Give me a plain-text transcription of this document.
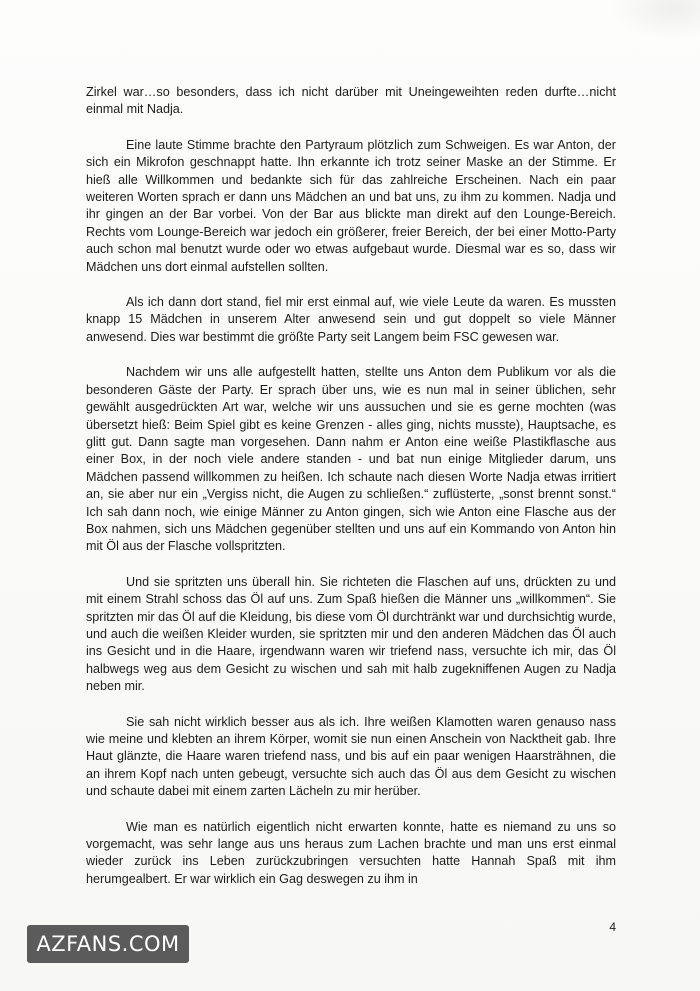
Zirkel war…so besonders, dass ich nicht darüber mit Uneingeweihten reden durfte…nicht einmal mit Nadja.

Eine laute Stimme brachte den Partyraum plötzlich zum Schweigen. Es war Anton, der sich ein Mikrofon geschnappt hatte. Ihn erkannte ich trotz seiner Maske an der Stimme. Er hieß alle Willkommen und bedankte sich für das zahlreiche Erscheinen. Nach ein paar weiteren Worten sprach er dann uns Mädchen an und bat uns, zu ihm zu kommen. Nadja und ihr gingen an der Bar vorbei. Von der Bar aus blickte man direkt auf den Lounge-Bereich. Rechts vom Lounge-Bereich war jedoch ein größerer, freier Bereich, der bei einer Motto-Party auch schon mal benutzt wurde oder wo etwas aufgebaut wurde. Diesmal war es so, dass wir Mädchen uns dort einmal aufstellen sollten.

Als ich dann dort stand, fiel mir erst einmal auf, wie viele Leute da waren. Es mussten knapp 15 Mädchen in unserem Alter anwesend sein und gut doppelt so viele Männer anwesend. Dies war bestimmt die größte Party seit Langem beim FSC gewesen war.

Nachdem wir uns alle aufgestellt hatten, stellte uns Anton dem Publikum vor als die besonderen Gäste der Party. Er sprach über uns, wie es nun mal in seiner üblichen, sehr gewählt ausgedrückten Art war, welche wir uns aussuchen und sie es gerne mochten (was übersetzt hieß: Beim Spiel gibt es keine Grenzen - alles ging, nichts musste), Hauptsache, es glitt gut. Dann sagte man vorgesehen. Dann nahm er Anton eine weiße Plastikflasche aus einer Box, in der noch viele andere standen - und bat nun einige Mitglieder darum, uns Mädchen passend willkommen zu heißen. Ich schaute nach diesen Worte Nadja etwas irritiert an, sie aber nur ein „Vergiss nicht, die Augen zu schließen.“ zuflüsterte, „sonst brennt sonst.“ Ich sah dann noch, wie einige Männer zu Anton gingen, sich wie Anton eine Flasche aus der Box nahmen, sich uns Mädchen gegenüber stellten und uns auf ein Kommando von Anton hin mit Öl aus der Flasche vollspritzten.

Und sie spritzten uns überall hin. Sie richteten die Flaschen auf uns, drückten zu und mit einem Strahl schoss das Öl auf uns. Zum Spaß hießen die Männer uns „willkommen“. Sie spritzten mir das Öl auf die Kleidung, bis diese vom Öl durchtränkt war und durchsichtig wurde, und auch die weißen Kleider wurden, sie spritzten mir und den anderen Mädchen das Öl auch ins Gesicht und in die Haare, irgendwann waren wir triefend nass, versuchte ich mir, das Öl halbwegs weg aus dem Gesicht zu wischen und sah mit halb zugekniffenen Augen zu Nadja neben mir.

Sie sah nicht wirklich besser aus als ich. Ihre weißen Klamotten waren genauso nass wie meine und klebten an ihrem Körper, womit sie nun einen Anschein von Nacktheit gab. Ihre Haut glänzte, die Haare waren triefend nass, und bis auf ein paar wenigen Haarsträhnen, die an ihrem Kopf nach unten gebeugt, versuchte sich auch das Öl aus dem Gesicht zu wischen und schaute dabei mit einem zarten Lächeln zu mir herüber.

Wie man es natürlich eigentlich nicht erwarten konnte, hatte es niemand zu uns so vorgemacht, was sehr lange aus uns heraus zum Lachen brachte und man uns erst einmal wieder zurück ins Leben zurückzubringen versuchten hatte Hannah Spaß mit ihm herumgealbert. Er war wirklich ein Gag deswegen zu ihm in

4
AZFANS.COM
